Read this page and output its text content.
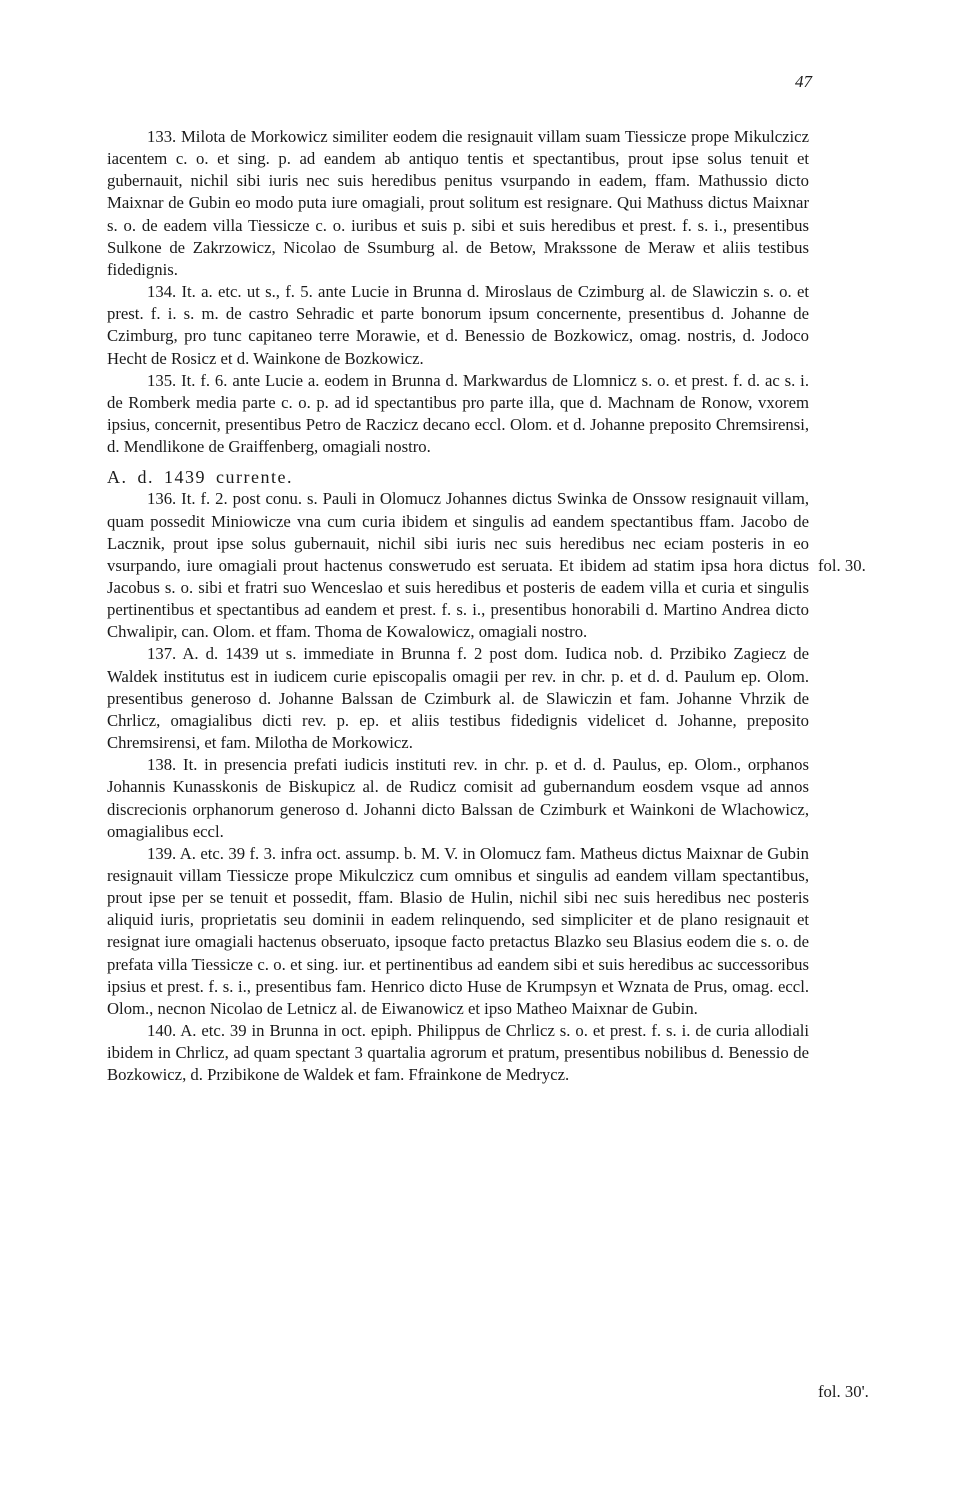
47

133. Milota de Morkowicz similiter eodem die resignauit villam suam Tiessicze prope Mikulczicz iacentem c. o. et sing. p. ad eandem ab antiquo tentis et spectantibus, prout ipse solus tenuit et gubernauit, nichil sibi iuris nec suis heredibus penitus vsurpando in eadem, ffam. Mathussio dicto Maixnar de Gubin eo modo puta iure omagiali, prout solitum est resignare. Qui Mathuss dictus Maixnar s. o. de eadem villa Tiessicze c. o. iuribus et suis p. sibi et suis heredibus et prest. f. s. i., presentibus Sulkone de Zakrzowicz, Nicolao de Ssumburg al. de Betow, Mrakssone de Meraw et aliis testibus fidedignis.

134. It. a. etc. ut s., f. 5. ante Lucie in Brunna d. Miroslaus de Czimburg al. de Slawiczin s. o. et prest. f. i. s. m. de castro Sehradic et parte bonorum ipsum concernente, presentibus d. Johanne de Czimburg, pro tunc capitaneo terre Morawie, et d. Benessio de Bozkowicz, omag. nostris, d. Jodoco Hecht de Rosicz et d. Wainkone de Bozkowicz.

135. It. f. 6. ante Lucie a. eodem in Brunna d. Markwardus de Llomnicz s. o. et prest. f. d. ac s. i. de Romberk media parte c. o. p. ad id spectantibus pro parte illa, que d. Machnam de Ronow, vxorem ipsius, concernit, presentibus Petro de Raczicz decano eccl. Olom. et d. Johanne preposito Chremsirensi, d. Mendlikone de Graiffenberg, omagiali nostro.

A. d. 1439 currente.

136. It. f. 2. post conu. s. Pauli in Olomucz Johannes dictus Swinka de Onssow resignauit villam, quam possedit Miniowicze vna cum curia ibidem et singulis ad eandem spectantibus ffam. Jacobo de Lacznik, prout ipse solus gubernauit, nichil sibi iuris nec suis heredibus nec eciam posteris in eo vsurpando, iure omagiali prout hactenus consweтudo est seruata. Et ibidem ad statim ipsa hora dictus Jacobus s. o. sibi et fratri suo Wenceslao et suis heredibus et posteris de eadem villa et curia et singulis pertinentibus et spectantibus ad eandem et prest. f. s. i., presentibus honorabili d. Martino Andrea dicto Chwalipir, can. Olom. et ffam. Thoma de Kowalowicz, omagiali nostro.

137. A. d. 1439 ut s. immediate in Brunna f. 2 post dom. Iudica nob. d. Przibiko Zagiecz de Waldek institutus est in iudicem curie episcopalis omagii per rev. in chr. p. et d. d. Paulum ep. Olom. presentibus generoso d. Johanne Balssan de Czimburk al. de Slawiczin et fam. Johanne Vhrzik de Chrlicz, omagialibus dicti rev. p. ep. et aliis testibus fidedignis videlicet d. Johanne, preposito Chremsirensi, et fam. Milotha de Morkowicz.

138. It. in presencia prefati iudicis instituti rev. in chr. p. et d. d. Paulus, ep. Olom., orphanos Johannis Kunasskonis de Biskupicz al. de Rudicz comisit ad gubernandum eosdem vsque ad annos discrecionis orphanorum generoso d. Johanni dicto Balssan de Czimburk et Wainkoni de Wlachowicz, omagialibus eccl.

139. A. etc. 39 f. 3. infra oct. assump. b. M. V. in Olomucz fam. Matheus dictus Maixnar de Gubin resignauit villam Tiessicze prope Mikulczicz cum omnibus et singulis ad eandem villam spectantibus, prout ipse per se tenuit et possedit, ffam. Blasio de Hulin, nichil sibi nec suis heredibus nec posteris aliquid iuris, proprietatis seu dominii in eadem relinquendo, sed simpliciter et de plano resignauit et resignat iure omagiali hactenus obseruato, ipsoque facto pretactus Blazko seu Blasius eodem die s. o. de prefata villa Tiessicze c. o. et sing. iur. et pertinentibus ad eandem sibi et suis heredibus ac successoribus ipsius et prest. f. s. i., presentibus fam. Henrico dicto Huse de Krumpsyn et Wznata de Prus, omag. eccl. Olom., necnon Nicolao de Letnicz al. de Eiwanowicz et ipso Matheo Maixnar de Gubin.

140. A. etc. 39 in Brunna in oct. epiph. Philippus de Chrlicz s. o. et prest. f. s. i. de curia allodiali ibidem in Chrlicz, ad quam spectant 3 quartalia agrorum et pratum, presentibus nobilibus d. Benessio de Bozkowicz, d. Przibikone de Waldek et fam. Ffrainkone de Medrycz.

fol. 30.
fol. 30'.
